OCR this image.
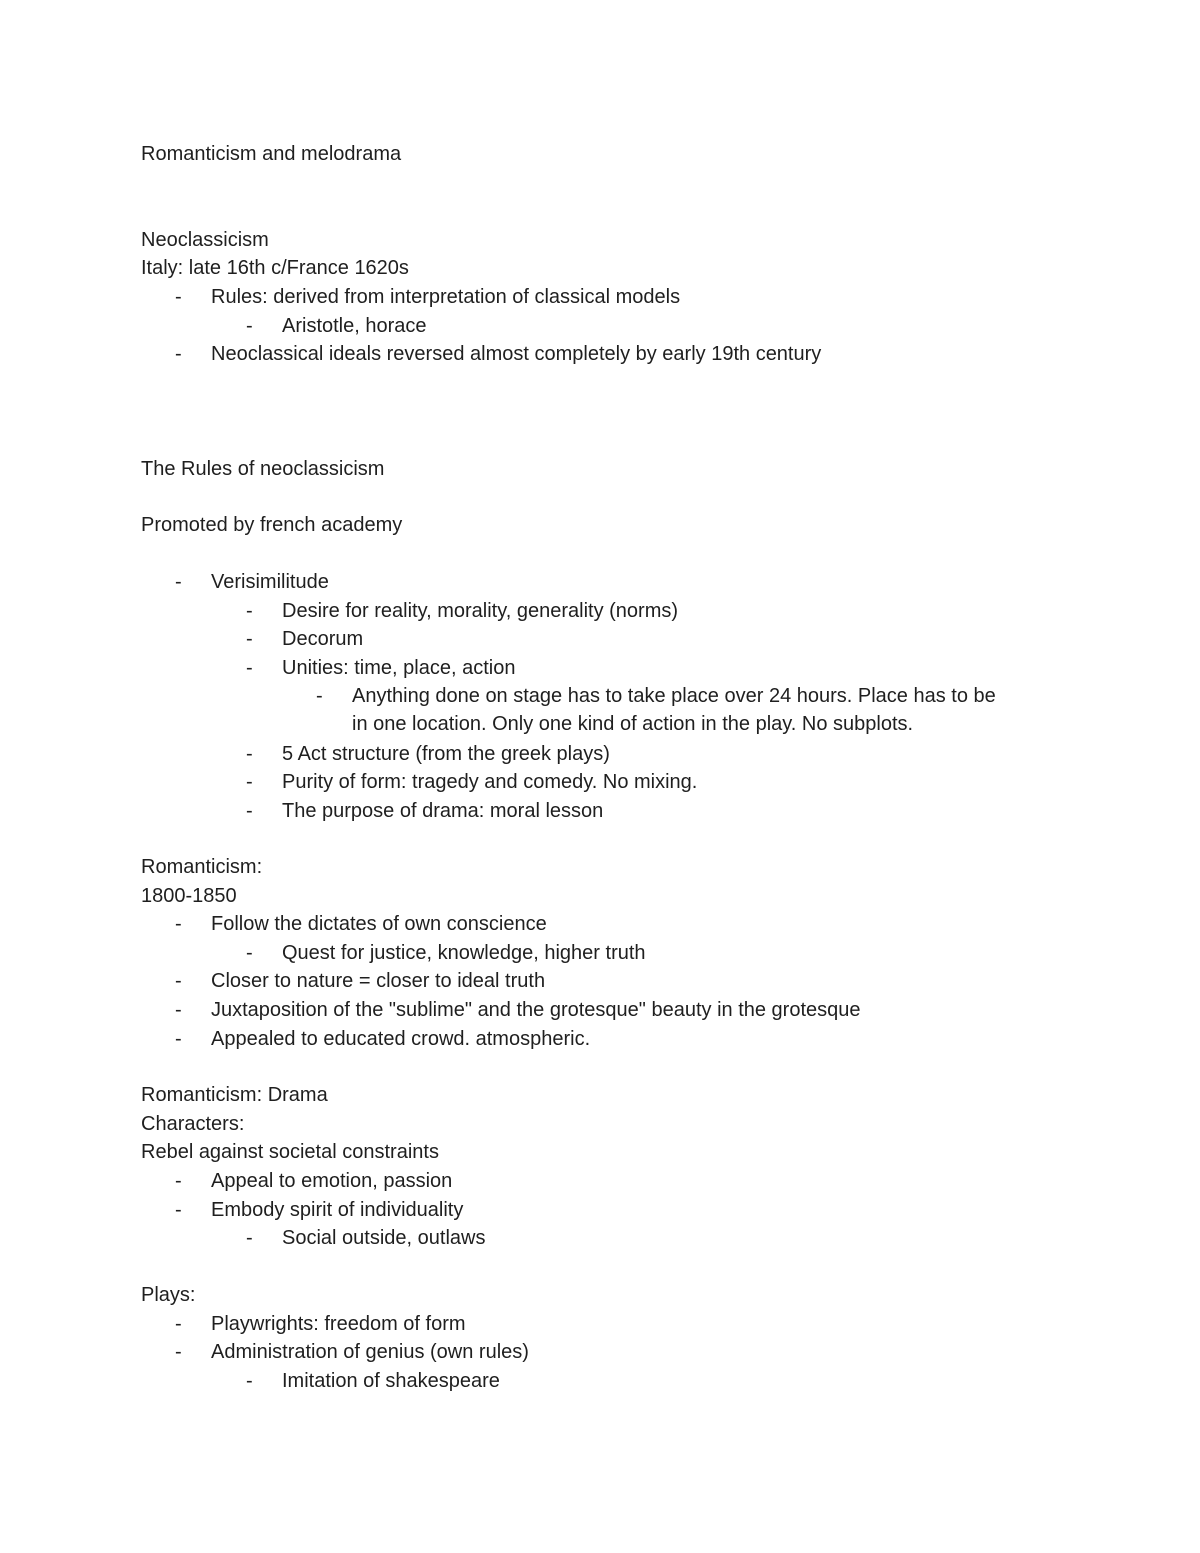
Romanticism and melodrama
Neoclassicism
Italy: late 16th c/France 1620s
- Rules: derived from interpretation of classical models
- Aristotle, horace
- Neoclassical ideals reversed almost completely by early 19th century
The Rules of neoclassicism
Promoted by french academy
- Verisimilitude
- Desire for reality, morality, generality (norms)
- Decorum
- Unities: time, place, action
- Anything done on stage has to take place over 24 hours. Place has to be in one location. Only one kind of action in the play. No subplots.
- 5 Act structure (from the greek plays)
- Purity of form: tragedy and comedy. No mixing.
- The purpose of drama: moral lesson
Romanticism:
1800-1850
- Follow the dictates of own conscience
- Quest for justice, knowledge, higher truth
- Closer to nature = closer to ideal truth
- Juxtaposition of the "sublime" and the grotesque" beauty in the grotesque
- Appealed to educated crowd. atmospheric.
Romanticism: Drama
Characters:
Rebel against societal constraints
- Appeal to emotion, passion
- Embody spirit of individuality
- Social outside, outlaws
Plays:
- Playwrights: freedom of form
- Administration of genius (own rules)
- Imitation of shakespeare
